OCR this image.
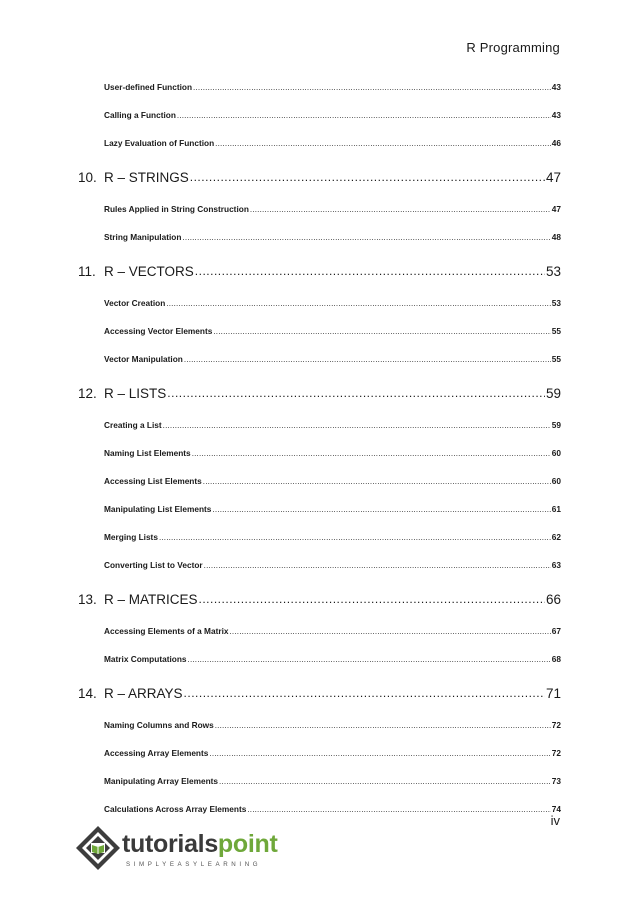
R Programming
User-defined Function .....	43
Calling a Function .....	43
Lazy Evaluation of Function .....	46
10. R – STRINGS .....	47
Rules Applied in String Construction .....	47
String Manipulation .....	48
11. R – VECTORS .....	53
Vector Creation .....	53
Accessing Vector Elements .....	55
Vector Manipulation .....	55
12. R – LISTS .....	59
Creating a List .....	59
Naming List Elements .....	60
Accessing List Elements .....	60
Manipulating List Elements .....	61
Merging Lists .....	62
Converting List to Vector .....	63
13. R – MATRICES .....	66
Accessing Elements of a Matrix .....	67
Matrix Computations .....	68
14. R – ARRAYS .....	71
Naming Columns and Rows .....	72
Accessing Array Elements .....	72
Manipulating Array Elements .....	73
Calculations Across Array Elements .....	74
iv
tutorialspoint
SIMPLYEASYLEARNING
